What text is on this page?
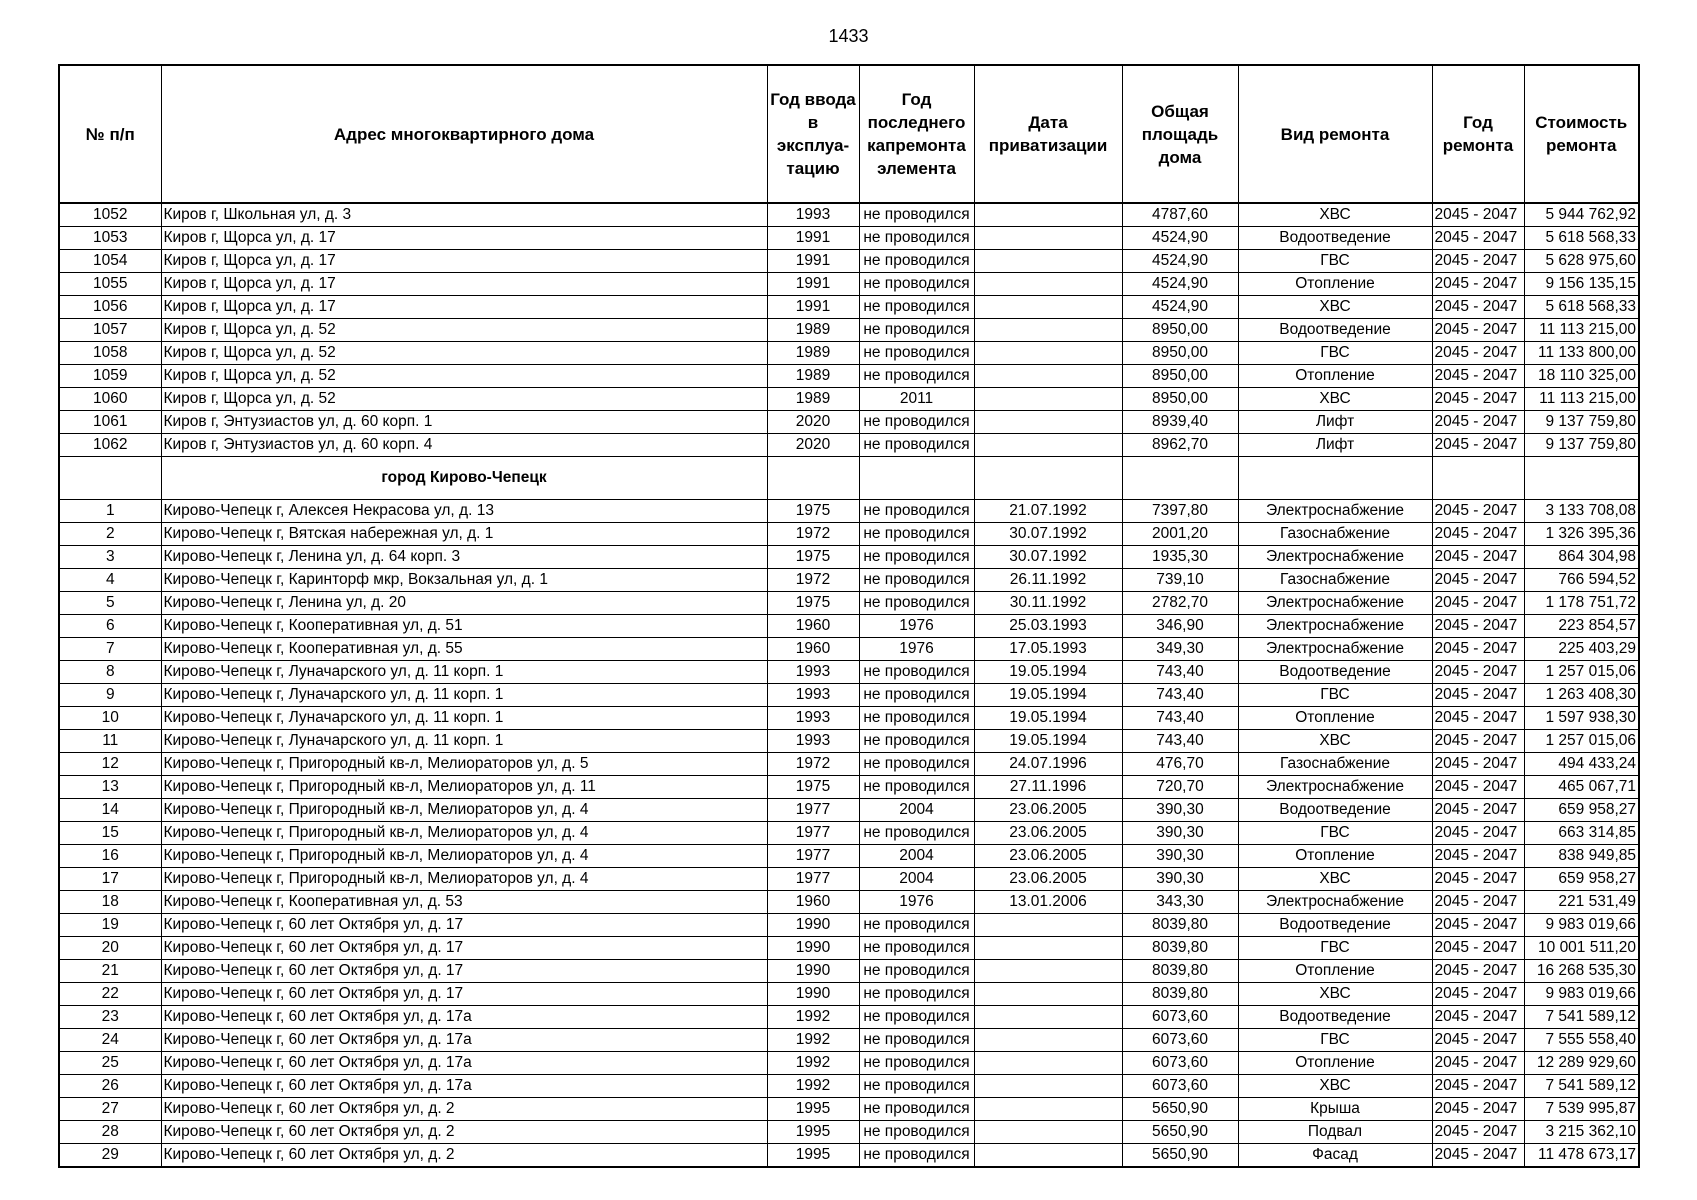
1433
№ п/п	Адрес многоквартирного дома	Год ввода в эксплуа-тацию	Год последнего капремонта элемента	Дата приватизации	Общая площадь дома	Вид ремонта	Год ремонта	Стоимость ремонта
1052	Киров г, Школьная ул, д. 3	1993	не проводился		4787,60	ХВС	2045 - 2047	5 944 762,92
1053	Киров г, Щорса ул, д. 17	1991	не проводился		4524,90	Водоотведение	2045 - 2047	5 618 568,33
1054	Киров г, Щорса ул, д. 17	1991	не проводился		4524,90	ГВС	2045 - 2047	5 628 975,60
1055	Киров г, Щорса ул, д. 17	1991	не проводился		4524,90	Отопление	2045 - 2047	9 156 135,15
1056	Киров г, Щорса ул, д. 17	1991	не проводился		4524,90	ХВС	2045 - 2047	5 618 568,33
1057	Киров г, Щорса ул, д. 52	1989	не проводился		8950,00	Водоотведение	2045 - 2047	11 113 215,00
1058	Киров г, Щорса ул, д. 52	1989	не проводился		8950,00	ГВС	2045 - 2047	11 133 800,00
1059	Киров г, Щорса ул, д. 52	1989	не проводился		8950,00	Отопление	2045 - 2047	18 110 325,00
1060	Киров г, Щорса ул, д. 52	1989	2011		8950,00	ХВС	2045 - 2047	11 113 215,00
1061	Киров г, Энтузиастов ул, д. 60 корп. 1	2020	не проводился		8939,40	Лифт	2045 - 2047	9 137 759,80
1062	Киров г, Энтузиастов ул, д. 60 корп. 4	2020	не проводился		8962,70	Лифт	2045 - 2047	9 137 759,80
	город Кирово-Чепецк							
1	Кирово-Чепецк г, Алексея Некрасова ул, д. 13	1975	не проводился	21.07.1992	7397,80	Электроснабжение	2045 - 2047	3 133 708,08
2	Кирово-Чепецк г, Вятская набережная ул, д. 1	1972	не проводился	30.07.1992	2001,20	Газоснабжение	2045 - 2047	1 326 395,36
3	Кирово-Чепецк г, Ленина ул, д. 64 корп. 3	1975	не проводился	30.07.1992	1935,30	Электроснабжение	2045 - 2047	864 304,98
4	Кирово-Чепецк г, Каринторф мкр, Вокзальная ул, д. 1	1972	не проводился	26.11.1992	739,10	Газоснабжение	2045 - 2047	766 594,52
5	Кирово-Чепецк г, Ленина ул, д. 20	1975	не проводился	30.11.1992	2782,70	Электроснабжение	2045 - 2047	1 178 751,72
6	Кирово-Чепецк г, Кооперативная ул, д. 51	1960	1976	25.03.1993	346,90	Электроснабжение	2045 - 2047	223 854,57
7	Кирово-Чепецк г, Кооперативная ул, д. 55	1960	1976	17.05.1993	349,30	Электроснабжение	2045 - 2047	225 403,29
8	Кирово-Чепецк г, Луначарского ул, д. 11 корп. 1	1993	не проводился	19.05.1994	743,40	Водоотведение	2045 - 2047	1 257 015,06
9	Кирово-Чепецк г, Луначарского ул, д. 11 корп. 1	1993	не проводился	19.05.1994	743,40	ГВС	2045 - 2047	1 263 408,30
10	Кирово-Чепецк г, Луначарского ул, д. 11 корп. 1	1993	не проводился	19.05.1994	743,40	Отопление	2045 - 2047	1 597 938,30
11	Кирово-Чепецк г, Луначарского ул, д. 11 корп. 1	1993	не проводился	19.05.1994	743,40	ХВС	2045 - 2047	1 257 015,06
12	Кирово-Чепецк г, Пригородный кв-л, Мелиораторов ул, д. 5	1972	не проводился	24.07.1996	476,70	Газоснабжение	2045 - 2047	494 433,24
13	Кирово-Чепецк г, Пригородный кв-л, Мелиораторов ул, д. 11	1975	не проводился	27.11.1996	720,70	Электроснабжение	2045 - 2047	465 067,71
14	Кирово-Чепецк г, Пригородный кв-л, Мелиораторов ул, д. 4	1977	2004	23.06.2005	390,30	Водоотведение	2045 - 2047	659 958,27
15	Кирово-Чепецк г, Пригородный кв-л, Мелиораторов ул, д. 4	1977	не проводился	23.06.2005	390,30	ГВС	2045 - 2047	663 314,85
16	Кирово-Чепецк г, Пригородный кв-л, Мелиораторов ул, д. 4	1977	2004	23.06.2005	390,30	Отопление	2045 - 2047	838 949,85
17	Кирово-Чепецк г, Пригородный кв-л, Мелиораторов ул, д. 4	1977	2004	23.06.2005	390,30	ХВС	2045 - 2047	659 958,27
18	Кирово-Чепецк г, Кооперативная ул, д. 53	1960	1976	13.01.2006	343,30	Электроснабжение	2045 - 2047	221 531,49
19	Кирово-Чепецк г, 60 лет Октября ул, д. 17	1990	не проводился		8039,80	Водоотведение	2045 - 2047	9 983 019,66
20	Кирово-Чепецк г, 60 лет Октября ул, д. 17	1990	не проводился		8039,80	ГВС	2045 - 2047	10 001 511,20
21	Кирово-Чепецк г, 60 лет Октября ул, д. 17	1990	не проводился		8039,80	Отопление	2045 - 2047	16 268 535,30
22	Кирово-Чепецк г, 60 лет Октября ул, д. 17	1990	не проводился		8039,80	ХВС	2045 - 2047	9 983 019,66
23	Кирово-Чепецк г, 60 лет Октября ул, д. 17а	1992	не проводился		6073,60	Водоотведение	2045 - 2047	7 541 589,12
24	Кирово-Чепецк г, 60 лет Октября ул, д. 17а	1992	не проводился		6073,60	ГВС	2045 - 2047	7 555 558,40
25	Кирово-Чепецк г, 60 лет Октября ул, д. 17а	1992	не проводился		6073,60	Отопление	2045 - 2047	12 289 929,60
26	Кирово-Чепецк г, 60 лет Октября ул, д. 17а	1992	не проводился		6073,60	ХВС	2045 - 2047	7 541 589,12
27	Кирово-Чепецк г, 60 лет Октября ул, д. 2	1995	не проводился		5650,90	Крыша	2045 - 2047	7 539 995,87
28	Кирово-Чепецк г, 60 лет Октября ул, д. 2	1995	не проводился		5650,90	Подвал	2045 - 2047	3 215 362,10
29	Кирово-Чепецк г, 60 лет Октября ул, д. 2	1995	не проводился		5650,90	Фасад	2045 - 2047	11 478 673,17
